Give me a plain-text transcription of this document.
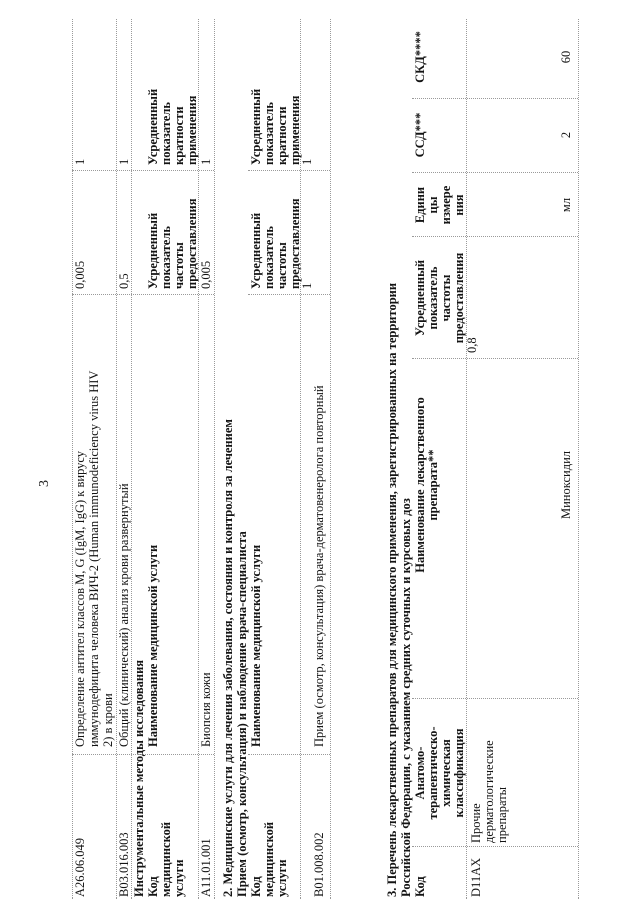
3
A26.06.049
Определение антител классов M, G (IgM, IgG) к вирусу иммунодефицита человека ВИЧ-2 (Human immunodeficiency virus HIV 2) в крови
0,005
1
B03.016.003
Общий (клинический) анализ крови развернутый
0,5
1
Инструментальные методы исследования Код медицинской услуги
Наименование медицинской услуги
Усредненный показатель частоты предоставления
Усредненный показатель кратности применения
A11.01.001
Биопсия кожи
0,005
1
2. Медицинские услуги для лечения заболевания, состояния и контроля за лечением Прием (осмотр, консультация) и наблюдение врача-специалиста Код медицинской услуги
Наименование медицинской услуги
Усредненный показатель частоты предоставления
Усредненный показатель кратности применения
B01.008.002
Прием (осмотр, консультация) врача-дерматовенеролога повторный
1
1
3. Перечень лекарственных препаратов для медицинского применения, зарегистрированных на территории Российской Федерации, с указанием средних суточных и курсовых доз Код
Анатомо- терапевтическо- химическая классификация
Наименование лекарственного препарата**
Усредненный показатель частоты предоставления
Едини цы измере ния
ССД***
СКД****
D11AX
Прочие дерматологические препараты
0,8
Миноксидил
мл
2
60
